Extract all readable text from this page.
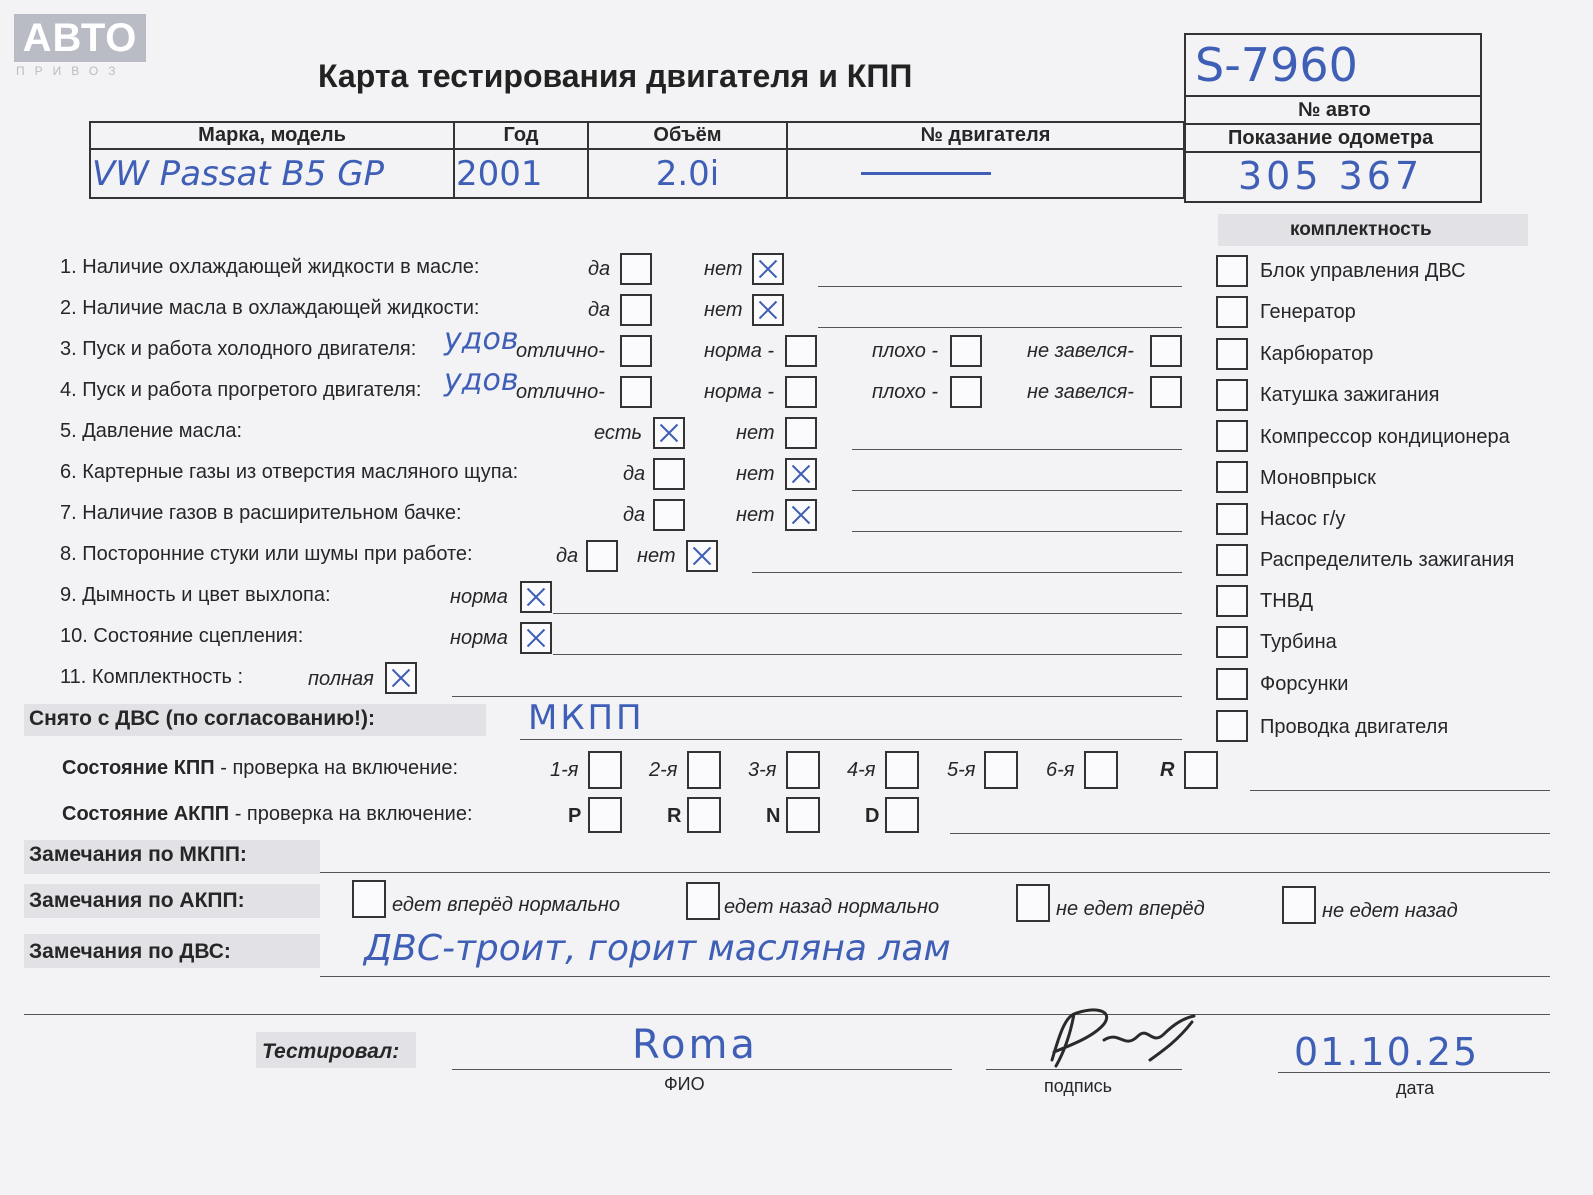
АВТО
ПРИВОЗ	Карта тестирования двигателя и КПП	S-7960
№ авто
Показание одометра
305 367
Марка, модель	Год	Объём	№ двигателя
VW Passat B5 GP	2001	2.0i	
комплектность
Блок управления ДВС
Генератор
Карбюратор
Катушка зажигания
Компрессор кондиционера
Моновпрыск
Насос г/у
Распределитель зажигания
ТНВД
Турбина
Форсунки
Проводка двигателя
1. Наличие охлаждающей жидкости в масле:	да	нет
2. Наличие масла в охлаждающей жидкости:	да	нет
3. Пуск и работа холодного двигателя: удов
отлично-	норма -	плохо -	не завелся-
4. Пуск и работа прогретого двигателя: удов
отлично-	норма -	плохо -	не завелся-
5. Давление масла:	есть	нет
6. Картерные газы из отверстия масляного щупа:	да	нет
7. Наличие газов в расширительном бачке:	да	нет
8. Посторонние стуки или шумы при работе:	да	нет
9. Дымность и цвет выхлопа:	норма
10. Состояние сцепления:	норма
11. Комплектность :	полная
Снято с ДВС (по согласованию!):	МКПП
Состояние КПП - проверка на включение:	1-я	2-я	3-я	4-я	5-я	6-я	R
Состояние АКПП - проверка на включение:	P	R	N	D
Замечания по МКПП:
Замечания по АКПП:	едет вперёд нормально	едет назад нормально	не едет вперёд	не едет назад
Замечания по ДВС:	ДВС-троит, горит масляна лам
Тестировал:	Roma
ФИО	подпись
01.10.25
дата
